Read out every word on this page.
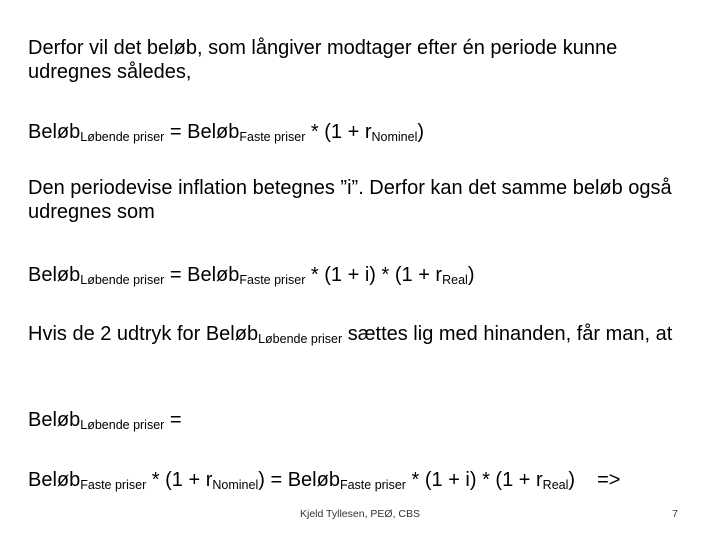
Derfor vil det beløb, som långiver modtager efter én periode kunne udregnes således,
Beløb$_{Løbende priser}$ = Beløb$_{Faste priser}$ * $(1 + r_{Nominel})$
Den periodevise inflation betegnes ”i”. Derfor kan det samme beløb også udregnes som
Beløb$_{Løbende priser}$ = Beløb$_{Faste priser}$ * $(1 + i) * (1 + r_{Real})$
Hvis de 2 udtryk for Beløb$_{Løbende priser}$ sættes lig med hinanden, får man, at
Beløb$_{Løbende priser}$ =
Beløb$_{Faste priser}$ * $(1 + r_{Nominel})$ = Beløb$_{Faste priser}$ * $(1 + i) * (1 + r_{Real})$ =>
Kjeld Tyllesen, PEØ, CBS	7
